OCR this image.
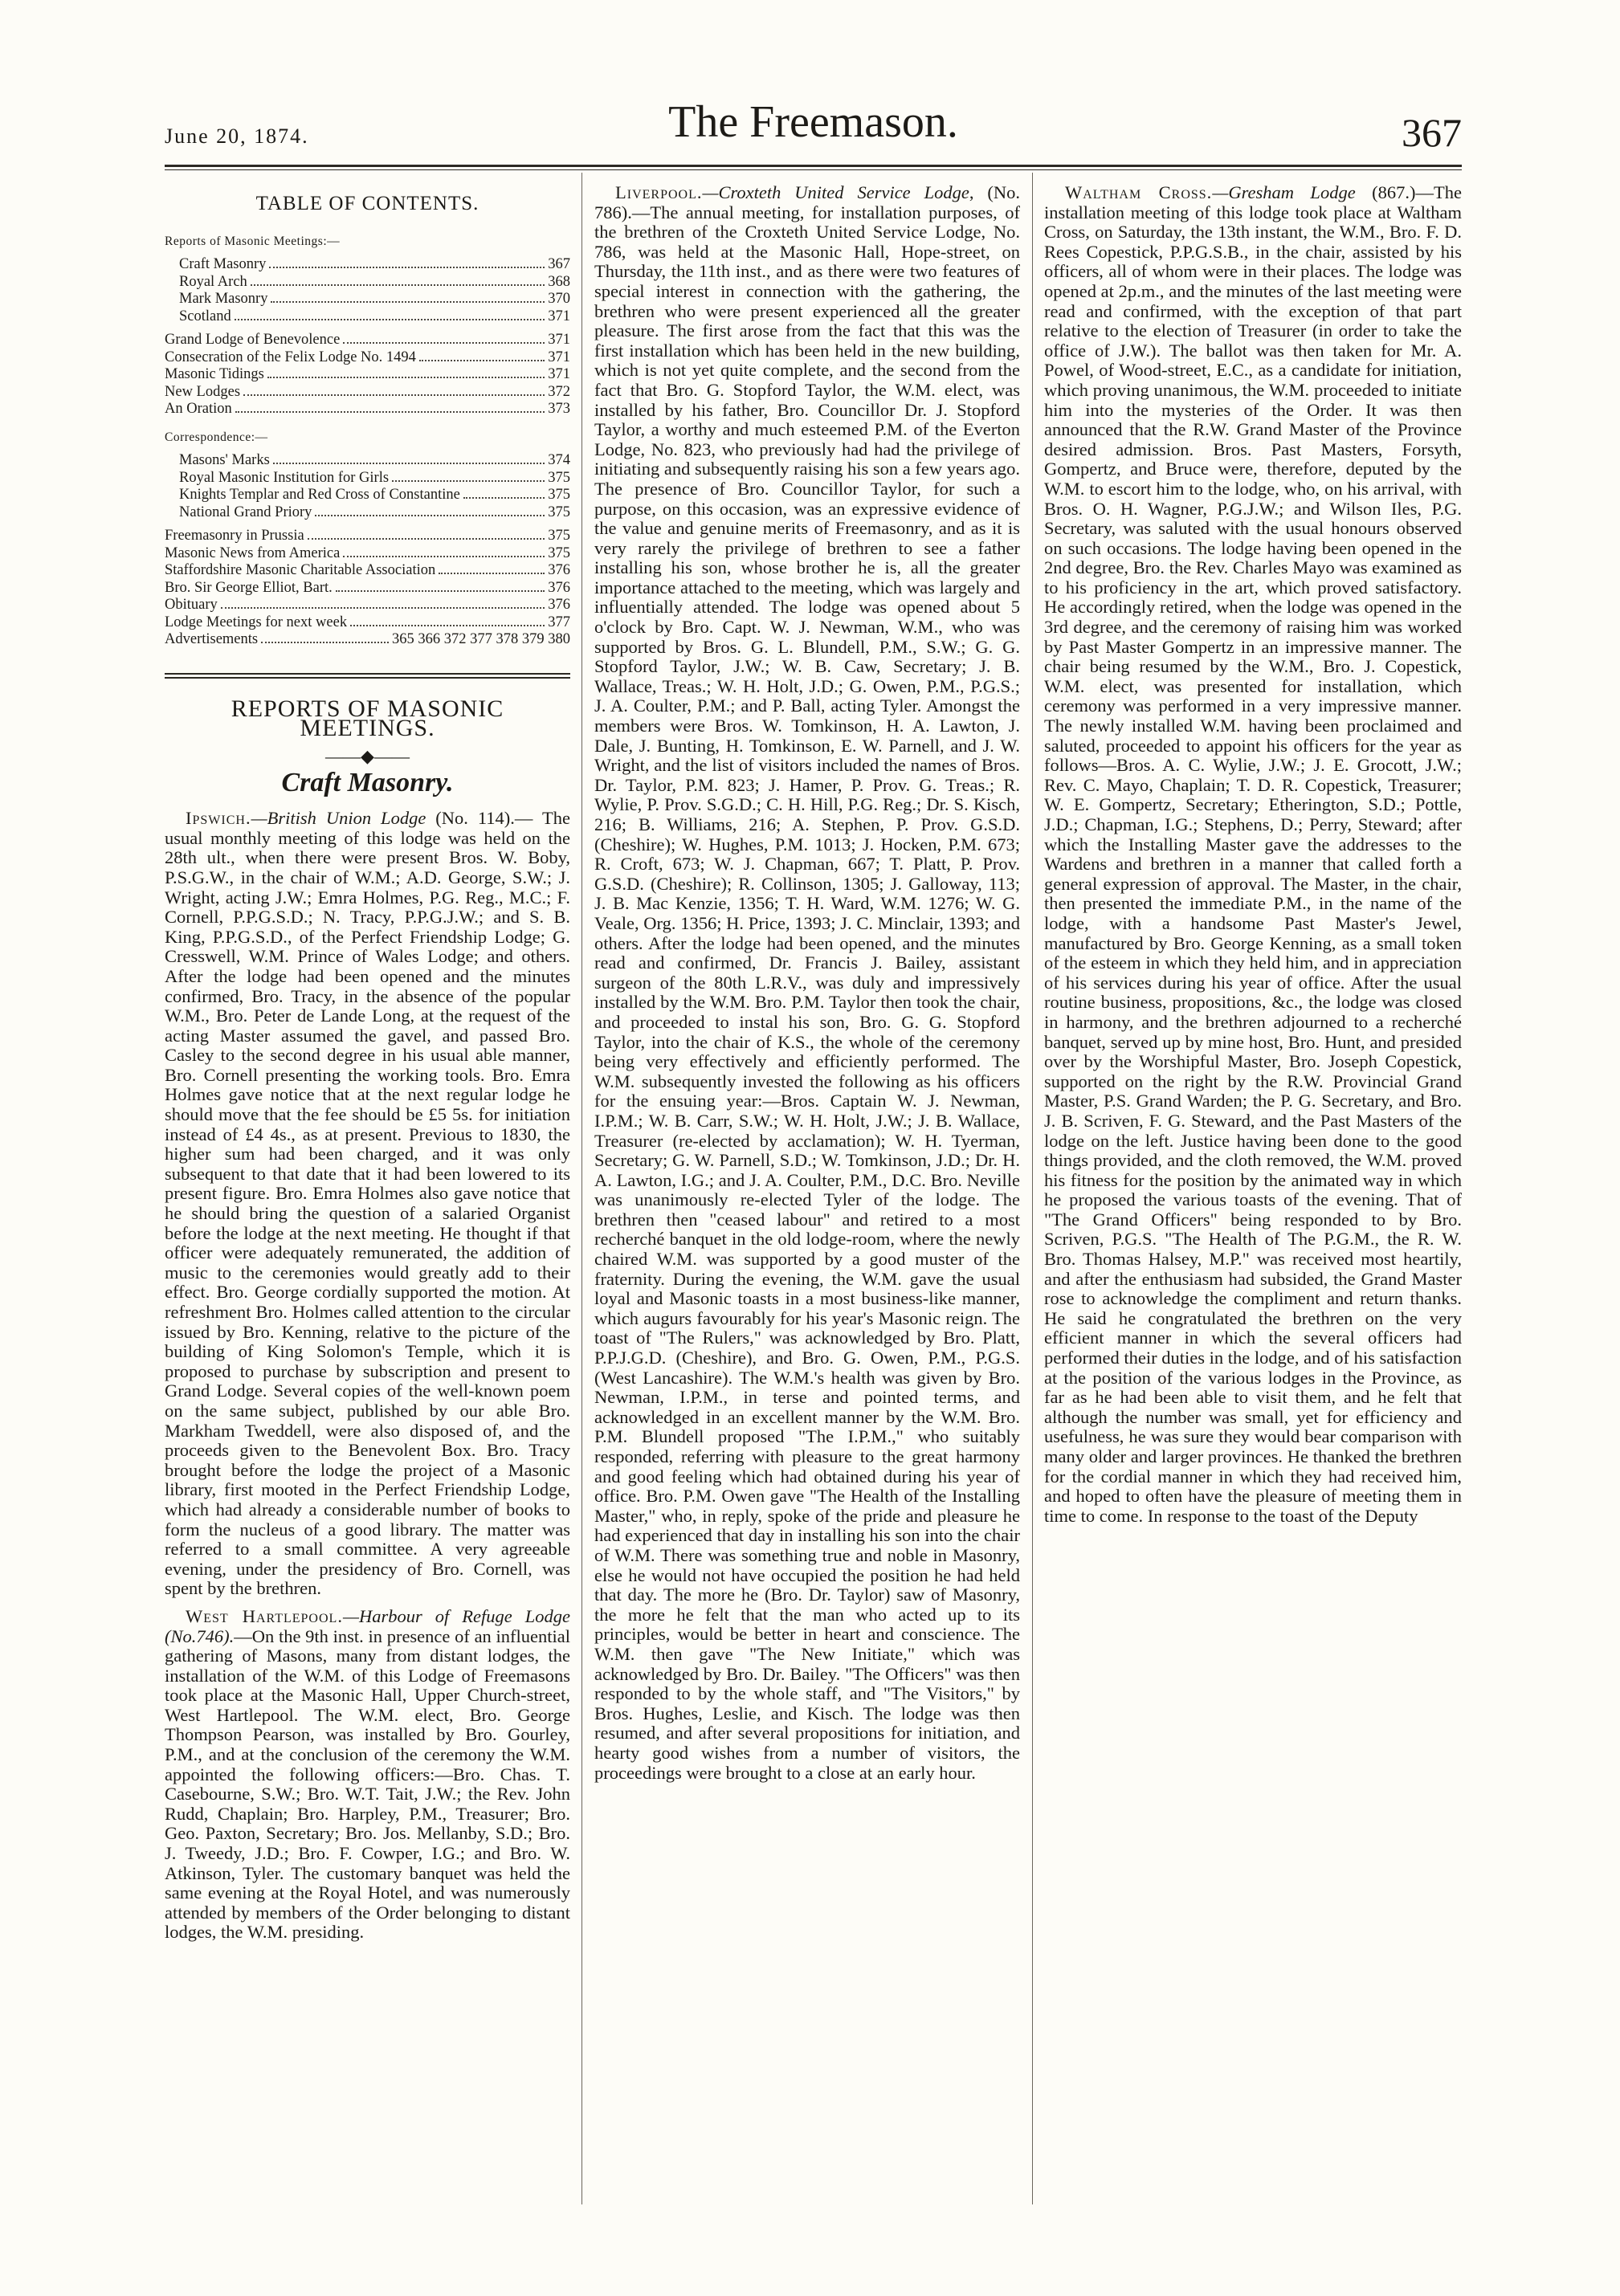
June 20, 1874.	The Freemason.	367
TABLE OF CONTENTS.
Reports of Masonic Meetings:—
Craft Masonry	367
Royal Arch	368
Mark Masonry	370
Scotland	371
Grand Lodge of Benevolence	371
Consecration of the Felix Lodge No. 1494	371
Masonic Tidings	371
New Lodges	372
An Oration	373
Correspondence:—
Masons' Marks	374
Royal Masonic Institution for Girls	375
Knights Templar and Red Cross of Constantine	375
National Grand Priory	375
Freemasonry in Prussia	375
Masonic News from America	375
Staffordshire Masonic Charitable Association	376
Bro. Sir George Elliot, Bart.	376
Obituary	376
Lodge Meetings for next week	377
Advertisements	365 366 372 377 378 379 380
REPORTS OF MASONIC MEETINGS.
——◆——
Craft Masonry.

Ipswich.—British Union Lodge (No. 114).— The usual monthly meeting of this lodge was held on the 28th ult., when there were present Bros. W. Boby, P.S.G.W., in the chair of W.M.; A.D. George, S.W.; J. Wright, acting J.W.; Emra Holmes, P.G. Reg., M.C.; F. Cornell, P.P.G.S.D.; N. Tracy, P.P.G.J.W.; and S. B. King, P.P.G.S.D., of the Perfect Friendship Lodge; G. Cresswell, W.M. Prince of Wales Lodge; and others. After the lodge had been opened and the minutes confirmed, Bro. Tracy, in the absence of the popular W.M., Bro. Peter de Lande Long, at the request of the acting Master assumed the gavel, and passed Bro. Casley to the second degree in his usual able manner, Bro. Cornell presenting the working tools. Bro. Emra Holmes gave notice that at the next regular lodge he should move that the fee should be £5 5s. for initiation instead of £4 4s., as at present. Previous to 1830, the higher sum had been charged, and it was only subsequent to that date that it had been lowered to its present figure. Bro. Emra Holmes also gave notice that he should bring the question of a salaried Organist before the lodge at the next meeting. He thought if that officer were adequately remunerated, the addition of music to the ceremonies would greatly add to their effect. Bro. George cordially supported the motion. At refreshment Bro. Holmes called attention to the circular issued by Bro. Kenning, relative to the picture of the building of King Solomon's Temple, which it is proposed to purchase by subscription and present to Grand Lodge. Several copies of the well-known poem on the same subject, published by our able Bro. Markham Tweddell, were also disposed of, and the proceeds given to the Benevolent Box. Bro. Tracy brought before the lodge the project of a Masonic library, first mooted in the Perfect Friendship Lodge, which had already a considerable number of books to form the nucleus of a good library. The matter was referred to a small committee. A very agreeable evening, under the presidency of Bro. Cornell, was spent by the brethren.

West Hartlepool.—Harbour of Refuge Lodge (No.746).—On the 9th inst. in presence of an influential gathering of Masons, many from distant lodges, the installation of the W.M. of this Lodge of Freemasons took place at the Masonic Hall, Upper Church-street, West Hartlepool. The W.M. elect, Bro. George Thompson Pearson, was installed by Bro. Gourley, P.M., and at the conclusion of the ceremony the W.M. appointed the following officers:—Bro. Chas. T. Casebourne, S.W.; Bro. W.T. Tait, J.W.; the Rev. John Rudd, Chaplain; Bro. Harpley, P.M., Treasurer; Bro. Geo. Paxton, Secretary; Bro. Jos. Mellanby, S.D.; Bro. J. Tweedy, J.D.; Bro. F. Cowper, I.G.; and Bro. W. Atkinson, Tyler. The customary banquet was held the same evening at the Royal Hotel, and was numerously attended by members of the Order belonging to distant lodges, the W.M. presiding.

Liverpool.—Croxteth United Service Lodge, (No. 786).—The annual meeting, for installation purposes, of the brethren of the Croxteth United Service Lodge, No. 786, was held at the Masonic Hall, Hope-street, on Thursday, the 11th inst., and as there were two features of special interest in connection with the gathering, the brethren who were present experienced all the greater pleasure. The first arose from the fact that this was the first installation which has been held in the new building, which is not yet quite complete, and the second from the fact that Bro. G. Stopford Taylor, the W.M. elect, was installed by his father, Bro. Councillor Dr. J. Stopford Taylor, a worthy and much esteemed P.M. of the Everton Lodge, No. 823, who previously had had the privilege of initiating and subsequently raising his son a few years ago. The presence of Bro. Councillor Taylor, for such a purpose, on this occasion, was an expressive evidence of the value and genuine merits of Freemasonry, and as it is very rarely the privilege of brethren to see a father installing his son, whose brother he is, all the greater importance attached to the meeting, which was largely and influentially attended. The lodge was opened about 5 o'clock by Bro. Capt. W. J. Newman, W.M., who was supported by Bros. G. L. Blundell, P.M., S.W.; G. G. Stopford Taylor, J.W.; W. B. Caw, Secretary; J. B. Wallace, Treas.; W. H. Holt, J.D.; G. Owen, P.M., P.G.S.; J. A. Coulter, P.M.; and P. Ball, acting Tyler. Amongst the members were Bros. W. Tomkinson, H. A. Lawton, J. Dale, J. Bunting, H. Tomkinson, E. W. Parnell, and J. W. Wright, and the list of visitors included the names of Bros. Dr. Taylor, P.M. 823; J. Hamer, P. Prov. G. Treas.; R. Wylie, P. Prov. S.G.D.; C. H. Hill, P.G. Reg.; Dr. S. Kisch, 216; B. Williams, 216; A. Stephen, P. Prov. G.S.D. (Cheshire); W. Hughes, P.M. 1013; J. Hocken, P.M. 673; R. Croft, 673; W. J. Chapman, 667; T. Platt, P. Prov. G.S.D. (Cheshire); R. Collinson, 1305; J. Galloway, 113; J. B. Mac Kenzie, 1356; T. H. Ward, W.M. 1276; W. G. Veale, Org. 1356; H. Price, 1393; J. C. Minclair, 1393; and others. After the lodge had been opened, and the minutes read and confirmed, Dr. Francis J. Bailey, assistant surgeon of the 80th L.R.V., was duly and impressively installed by the W.M. Bro. P.M. Taylor then took the chair, and proceeded to instal his son, Bro. G. G. Stopford Taylor, into the chair of K.S., the whole of the ceremony being very effectively and efficiently performed. The W.M. subsequently invested the following as his officers for the ensuing year:—Bros. Captain W. J. Newman, I.P.M.; W. B. Carr, S.W.; W. H. Holt, J.W.; J. B. Wallace, Treasurer (re-elected by acclamation); W. H. Tyerman, Secretary; G. W. Parnell, S.D.; W. Tomkinson, J.D.; Dr. H. A. Lawton, I.G.; and J. A. Coulter, P.M., D.C. Bro. Neville was unanimously re-elected Tyler of the lodge. The brethren then "ceased labour" and retired to a most recherché banquet in the old lodge-room, where the newly chaired W.M. was supported by a good muster of the fraternity. During the evening, the W.M. gave the usual loyal and Masonic toasts in a most business-like manner, which augurs favourably for his year's Masonic reign. The toast of "The Rulers," was acknowledged by Bro. Platt, P.P.J.G.D. (Cheshire), and Bro. G. Owen, P.M., P.G.S. (West Lancashire). The W.M.'s health was given by Bro. Newman, I.P.M., in terse and pointed terms, and acknowledged in an excellent manner by the W.M. Bro. P.M. Blundell proposed "The I.P.M.," who suitably responded, referring with pleasure to the great harmony and good feeling which had obtained during his year of office. Bro. P.M. Owen gave "The Health of the Installing Master," who, in reply, spoke of the pride and pleasure he had experienced that day in installing his son into the chair of W.M. There was something true and noble in Masonry, else he would not have occupied the position he had held that day. The more he (Bro. Dr. Taylor) saw of Masonry, the more he felt that the man who acted up to its principles, would be better in heart and conscience. The W.M. then gave "The New Initiate," which was acknowledged by Bro. Dr. Bailey. "The Officers" was then responded to by the whole staff, and "The Visitors," by Bros. Hughes, Leslie, and Kisch. The lodge was then resumed, and after several propositions for initiation, and hearty good wishes from a number of visitors, the proceedings were brought to a close at an early hour.

Waltham Cross.—Gresham Lodge (867.)—The installation meeting of this lodge took place at Waltham Cross, on Saturday, the 13th instant, the W.M., Bro. F. D. Rees Copestick, P.P.G.S.B., in the chair, assisted by his officers, all of whom were in their places. The lodge was opened at 2p.m., and the minutes of the last meeting were read and confirmed, with the exception of that part relative to the election of Treasurer (in order to take the office of J.W.). The ballot was then taken for Mr. A. Powel, of Wood-street, E.C., as a candidate for initiation, which proving unanimous, the W.M. proceeded to initiate him into the mysteries of the Order. It was then announced that the R.W. Grand Master of the Province desired admission. Bros. Past Masters, Forsyth, Gompertz, and Bruce were, therefore, deputed by the W.M. to escort him to the lodge, who, on his arrival, with Bros. O. H. Wagner, P.G.J.W.; and Wilson Iles, P.G. Secretary, was saluted with the usual honours observed on such occasions. The lodge having been opened in the 2nd degree, Bro. the Rev. Charles Mayo was examined as to his proficiency in the art, which proved satisfactory. He accordingly retired, when the lodge was opened in the 3rd degree, and the ceremony of raising him was worked by Past Master Gompertz in an impressive manner. The chair being resumed by the W.M., Bro. J. Copestick, W.M. elect, was presented for installation, which ceremony was performed in a very impressive manner. The newly installed W.M. having been proclaimed and saluted, proceeded to appoint his officers for the year as follows—Bros. A. C. Wylie, J.W.; J. E. Grocott, J.W.; Rev. C. Mayo, Chaplain; T. D. R. Copestick, Treasurer; W. E. Gompertz, Secretary; Etherington, S.D.; Pottle, J.D.; Chapman, I.G.; Stephens, D.; Perry, Steward; after which the Installing Master gave the addresses to the Wardens and brethren in a manner that called forth a general expression of approval. The Master, in the chair, then presented the immediate P.M., in the name of the lodge, with a handsome Past Master's Jewel, manufactured by Bro. George Kenning, as a small token of the esteem in which they held him, and in appreciation of his services during his year of office. After the usual routine business, propositions, &c., the lodge was closed in harmony, and the brethren adjourned to a recherché banquet, served up by mine host, Bro. Hunt, and presided over by the Worshipful Master, Bro. Joseph Copestick, supported on the right by the R.W. Provincial Grand Master, P.S. Grand Warden; the P. G. Secretary, and Bro. J. B. Scriven, F. G. Steward, and the Past Masters of the lodge on the left. Justice having been done to the good things provided, and the cloth removed, the W.M. proved his fitness for the position by the animated way in which he proposed the various toasts of the evening. That of "The Grand Officers" being responded to by Bro. Scriven, P.G.S. "The Health of The P.G.M., the R. W. Bro. Thomas Halsey, M.P." was received most heartily, and after the enthusiasm had subsided, the Grand Master rose to acknowledge the compliment and return thanks. He said he congratulated the brethren on the very efficient manner in which the several officers had performed their duties in the lodge, and of his satisfaction at the position of the various lodges in the Province, as far as he had been able to visit them, and he felt that although the number was small, yet for efficiency and usefulness, he was sure they would bear comparison with many older and larger provinces. He thanked the brethren for the cordial manner in which they had received him, and hoped to often have the pleasure of meeting them in time to come. In response to the toast of the Deputy
